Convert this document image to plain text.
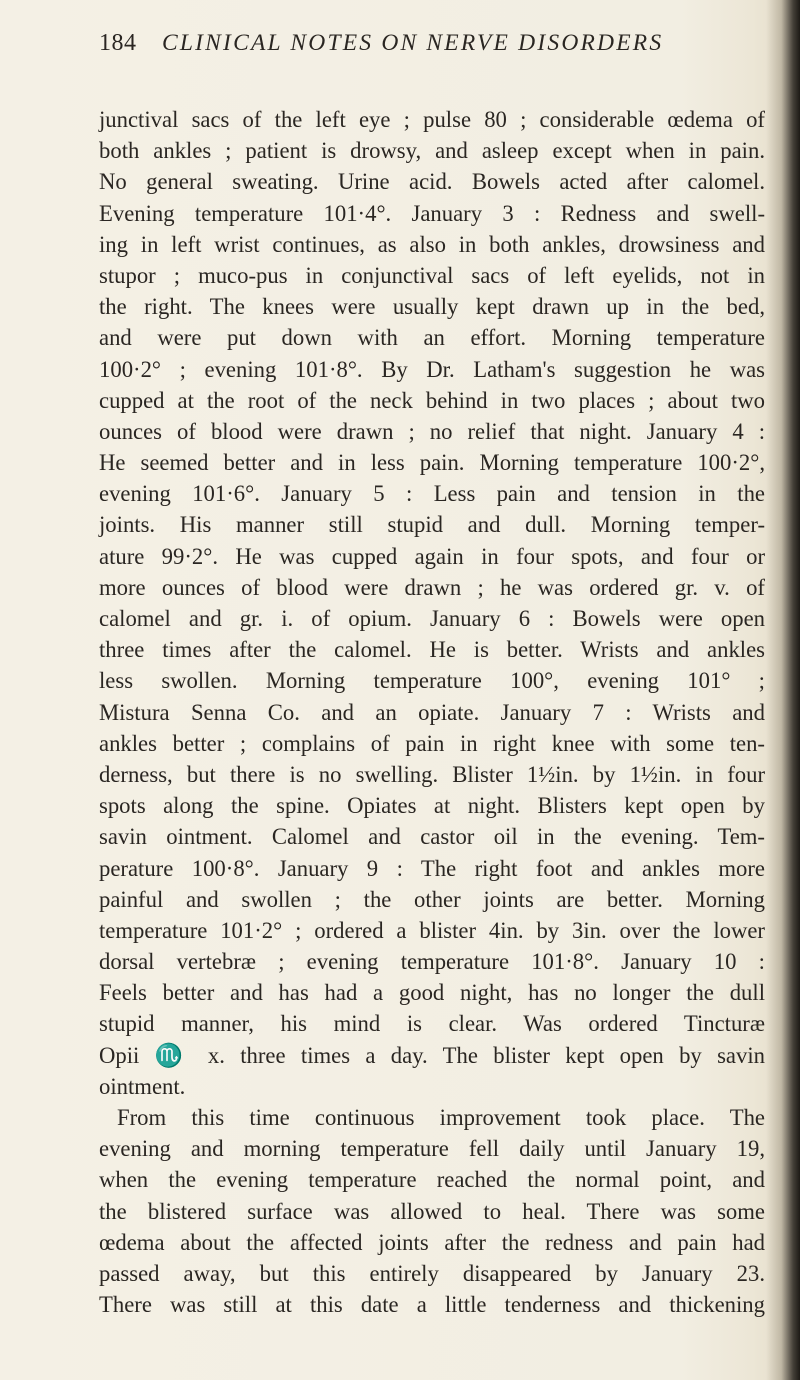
184 CLINICAL NOTES ON NERVE DISORDERS
junctival sacs of the left eye ; pulse 80 ; considerable œdema of
both ankles ; patient is drowsy, and asleep except when in pain.
No general sweating. Urine acid. Bowels acted after calomel.
Evening temperature 101·4°. January 3 : Redness and swell-
ing in left wrist continues, as also in both ankles, drowsiness and
stupor ; muco-pus in conjunctival sacs of left eyelids, not in
the right. The knees were usually kept drawn up in the bed,
and were put down with an effort. Morning temperature
100·2° ; evening 101·8°. By Dr. Latham's suggestion he was
cupped at the root of the neck behind in two places ; about two
ounces of blood were drawn ; no relief that night. January 4 :
He seemed better and in less pain. Morning temperature 100·2°,
evening 101·6°. January 5 : Less pain and tension in the
joints. His manner still stupid and dull. Morning temper-
ature 99·2°. He was cupped again in four spots, and four or
more ounces of blood were drawn ; he was ordered gr. v. of
calomel and gr. i. of opium. January 6 : Bowels were open
three times after the calomel. He is better. Wrists and ankles
less swollen. Morning temperature 100°, evening 101° ;
Mistura Senna Co. and an opiate. January 7 : Wrists and
ankles better ; complains of pain in right knee with some ten-
derness, but there is no swelling. Blister 1½in. by 1½in. in four
spots along the spine. Opiates at night. Blisters kept open by
savin ointment. Calomel and castor oil in the evening. Tem-
perature 100·8°. January 9 : The right foot and ankles more
painful and swollen ; the other joints are better. Morning
temperature 101·2° ; ordered a blister 4in. by 3in. over the lower
dorsal vertebræ ; evening temperature 101·8°. January 10 :
Feels better and has had a good night, has no longer the dull
stupid manner, his mind is clear. Was ordered Tincturæ
Opii ♏ x. three times a day. The blister kept open by savin
ointment.
From this time continuous improvement took place. The
evening and morning temperature fell daily until January 19,
when the evening temperature reached the normal point, and
the blistered surface was allowed to heal. There was some
œdema about the affected joints after the redness and pain had
passed away, but this entirely disappeared by January 23.
There was still at this date a little tenderness and thickening
